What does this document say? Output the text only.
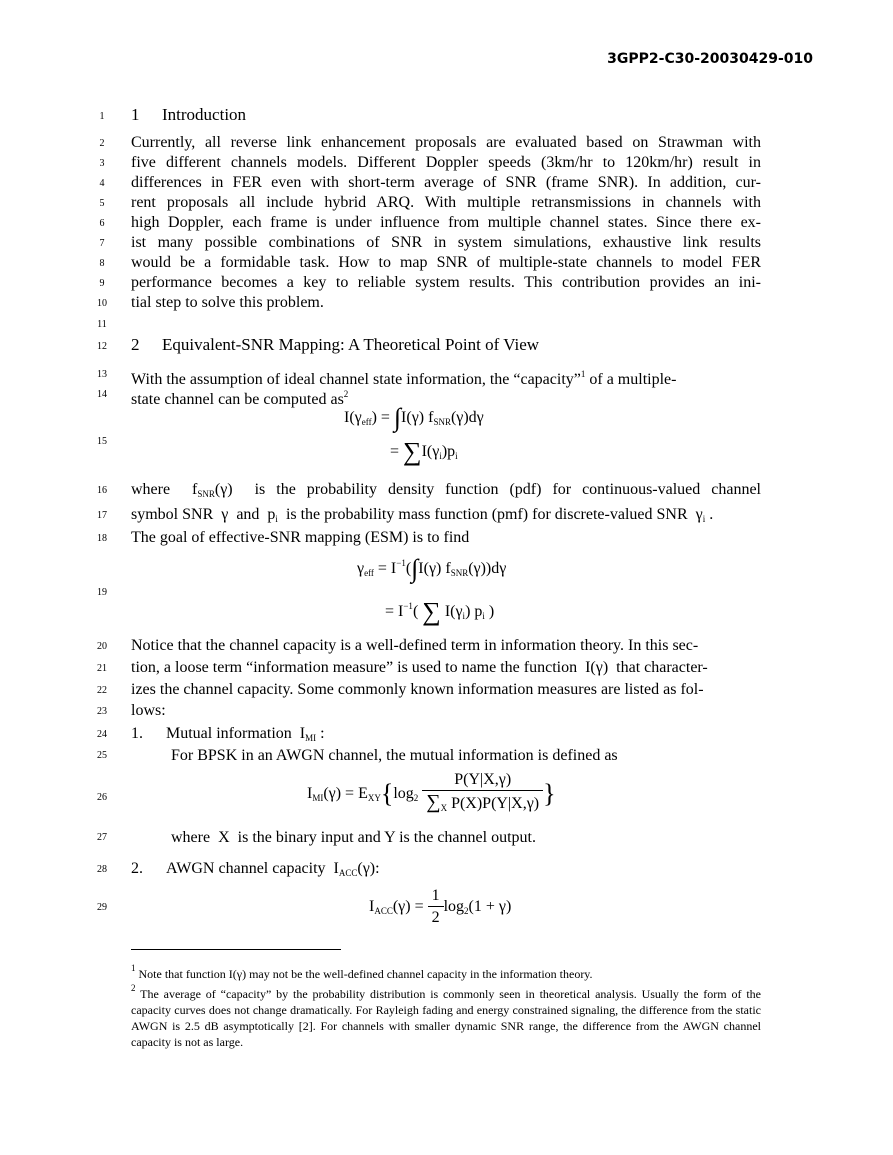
3GPP2-C30-20030429-010
1
2
3
4
5
6
7
8
9
10
11
12
13
14
15
16
17
18
19
20
21
22
23
24
25
26
27
28
29
1 Introduction
Currently, all reverse link enhancement proposals are evaluated based on Strawman with
five different channels models. Different Doppler speeds (3km/hr to 120km/hr) result in
differences in FER even with short-term average of SNR (frame SNR). In addition, cur-
rent proposals all include hybrid ARQ. With multiple retransmissions in channels with
high Doppler, each frame is under influence from multiple channel states. Since there ex-
ist many possible combinations of SNR in system simulations, exhaustive link results
would be a formidable task. How to map SNR of multiple-state channels to model FER
performance becomes a key to reliable system results. This contribution provides an ini-
tial step to solve this problem.
2 Equivalent-SNR Mapping: A Theoretical Point of View
With the assumption of ideal channel state information, the “capacity”$^1$ of a multiple-
state channel can be computed $as^2$
$I(\gamma_{eff}) = \int I(\gamma)$ $f_{SNR}(\gamma)d\gamma$
= $\sum I(\gamma_i)p_i$
where  $f_{SNR}(\gamma)$  is the probability density function (pdf) for continuous-valued channel
symbol SNR  γ  and  $p_i$  is the probability mass function (pmf) for discrete-valued SNR  $\gamma_i$ .
The goal of effective-SNR mapping (ESM) is to find
$\gamma_{eff} = I^{-1}(\int I(\gamma)$ $f_{SNR}(\gamma))d\gamma$
= $I^{-1}$( ∑ $I(\gamma_i)$ $p_i$ )
Notice that the channel capacity is a well-defined term in information theory. In this sec-
tion, a loose term “information measure” is used to name the function  I(γ)  that character-
izes the channel capacity. Some commonly known information measures are listed as fol-
lows:
1. Mutual information  $I_{MI}$ :
For BPSK in an AWGN channel, the mutual information is defined as
$I_{MI}(\gamma) = E_{XY}\{\log_2 \frac{P(Y|X,\gamma)}{\sum_X P(X)P(Y|X,\gamma)}$ }
where  X  is the binary input and Y is the channel output.
2. AWGN channel capacity  $I_{ACC}(\gamma)$:
$I_{ACC}(\gamma) = \frac{1}{2} \log_2(1 + \gamma)$

$^1$ Note that function I(γ) may not be the well-defined channel capacity in the information theory.

$^2$ The average of “capacity” by the probability distribution is commonly seen in theoretical analysis. Usually the form of the capacity curves does not change dramatically. For Rayleigh fading and energy constrained signaling, the difference from the static AWGN is 2.5 dB asymptotically [2]. For channels with smaller dynamic SNR range, the difference from the AWGN channel capacity is not as large.
